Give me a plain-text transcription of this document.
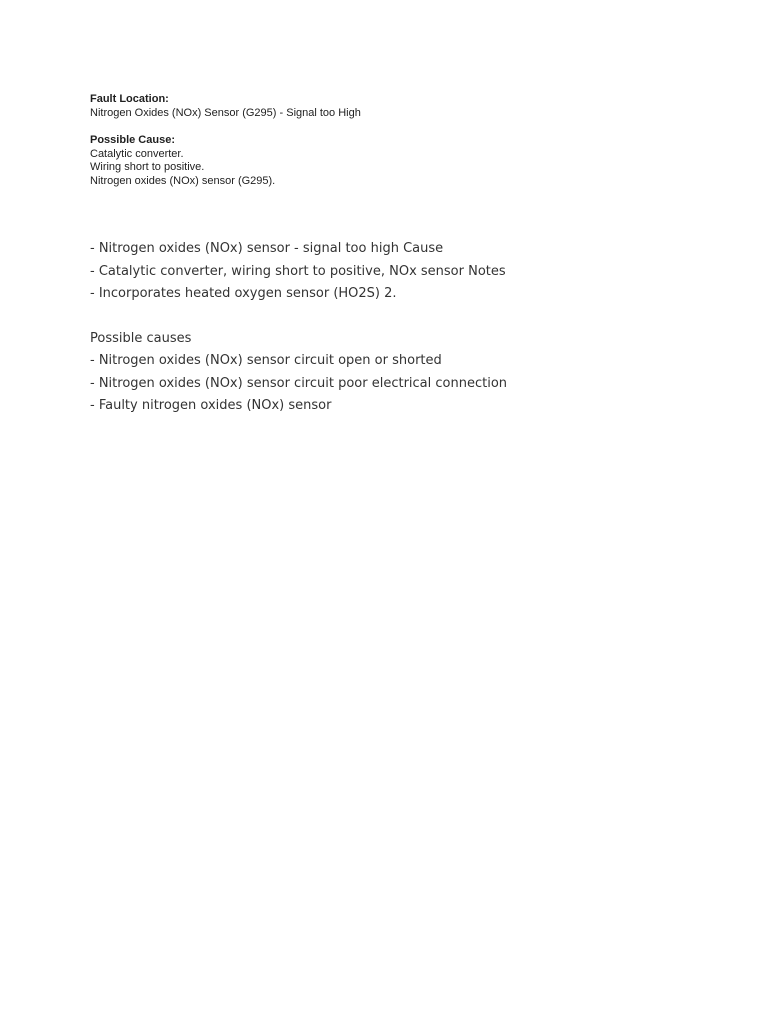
Fault Location:
Nitrogen Oxides (NOx) Sensor (G295) - Signal too High
Possible Cause:
Catalytic converter.
Wiring short to positive.
Nitrogen oxides (NOx) sensor (G295).
- Nitrogen oxides (NOx) sensor - signal too high Cause
- Catalytic converter, wiring short to positive, NOx sensor Notes
- Incorporates heated oxygen sensor (HO2S) 2.
Possible causes
- Nitrogen oxides (NOx) sensor circuit open or shorted
- Nitrogen oxides (NOx) sensor circuit poor electrical connection
- Faulty nitrogen oxides (NOx) sensor
